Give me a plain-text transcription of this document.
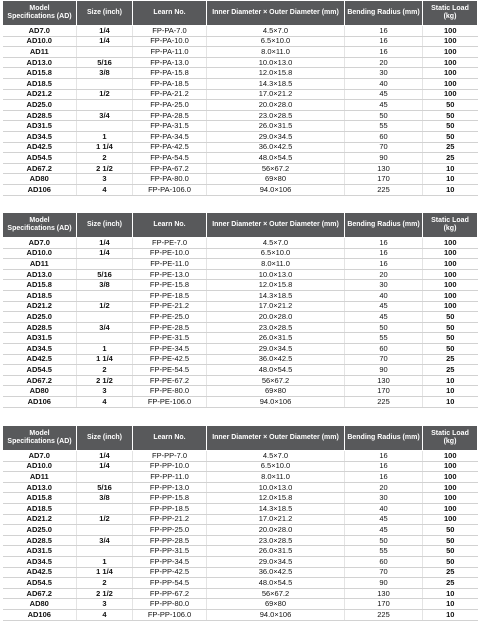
Model Specifications (AD)	Size (inch)	Learn No.	Inner Diameter × Outer Diameter (mm)	Bending Radius (mm)	Static Load (kg)
AD7.0	1/4	FP-PA-7.0	4.5×7.0	16	100
AD10.0	1/4	FP-PA-10.0	6.5×10.0	16	100
AD11		FP-PA-11.0	8.0×11.0	16	100
AD13.0	5/16	FP-PA-13.0	10.0×13.0	20	100
AD15.8	3/8	FP-PA-15.8	12.0×15.8	30	100
AD18.5		FP-PA-18.5	14.3×18.5	40	100
AD21.2	1/2	FP-PA-21.2	17.0×21.2	45	100
AD25.0		FP-PA-25.0	20.0×28.0	45	50
AD28.5	3/4	FP-PA-28.5	23.0×28.5	50	50
AD31.5		FP-PA-31.5	26.0×31.5	55	50
AD34.5	1	FP-PA-34.5	29.0×34.5	60	50
AD42.5	1 1/4	FP-PA-42.5	36.0×42.5	70	25
AD54.5	2	FP-PA-54.5	48.0×54.5	90	25
AD67.2	2 1/2	FP-PA-67.2	56×67.2	130	10
AD80	3	FP-PA-80.0	69×80	170	10
AD106	4	FP-PA-106.0	94.0×106	225	10
Model Specifications (AD)	Size (inch)	Learn No.	Inner Diameter × Outer Diameter (mm)	Bending Radius (mm)	Static Load (kg)
AD7.0	1/4	FP-PE-7.0	4.5×7.0	16	100
AD10.0	1/4	FP-PE-10.0	6.5×10.0	16	100
AD11		FP-PE-11.0	8.0×11.0	16	100
AD13.0	5/16	FP-PE-13.0	10.0×13.0	20	100
AD15.8	3/8	FP-PE-15.8	12.0×15.8	30	100
AD18.5		FP-PE-18.5	14.3×18.5	40	100
AD21.2	1/2	FP-PE-21.2	17.0×21.2	45	100
AD25.0		FP-PE-25.0	20.0×28.0	45	50
AD28.5	3/4	FP-PE-28.5	23.0×28.5	50	50
AD31.5		FP-PE-31.5	26.0×31.5	55	50
AD34.5	1	FP-PE-34.5	29.0×34.5	60	50
AD42.5	1 1/4	FP-PE-42.5	36.0×42.5	70	25
AD54.5	2	FP-PE-54.5	48.0×54.5	90	25
AD67.2	2 1/2	FP-PE-67.2	56×67.2	130	10
AD80	3	FP-PE-80.0	69×80	170	10
AD106	4	FP-PE-106.0	94.0×106	225	10
Model Specifications (AD)	Size (inch)	Learn No.	Inner Diameter × Outer Diameter (mm)	Bending Radius (mm)	Static Load (kg)
AD7.0	1/4	FP-PP-7.0	4.5×7.0	16	100
AD10.0	1/4	FP-PP-10.0	6.5×10.0	16	100
AD11		FP-PP-11.0	8.0×11.0	16	100
AD13.0	5/16	FP-PP-13.0	10.0×13.0	20	100
AD15.8	3/8	FP-PP-15.8	12.0×15.8	30	100
AD18.5		FP-PP-18.5	14.3×18.5	40	100
AD21.2	1/2	FP-PP-21.2	17.0×21.2	45	100
AD25.0		FP-PP-25.0	20.0×28.0	45	50
AD28.5	3/4	FP-PP-28.5	23.0×28.5	50	50
AD31.5		FP-PP-31.5	26.0×31.5	55	50
AD34.5	1	FP-PP-34.5	29.0×34.5	60	50
AD42.5	1 1/4	FP-PP-42.5	36.0×42.5	70	25
AD54.5	2	FP-PP-54.5	48.0×54.5	90	25
AD67.2	2 1/2	FP-PP-67.2	56×67.2	130	10
AD80	3	FP-PP-80.0	69×80	170	10
AD106	4	FP-PP-106.0	94.0×106	225	10
